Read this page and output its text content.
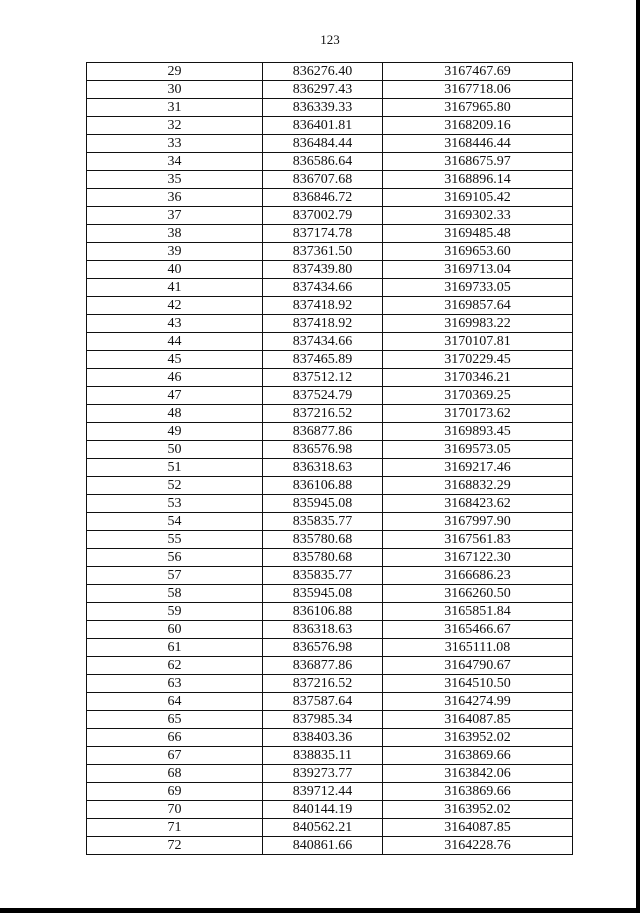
123
29	836276.40	3167467.69
30	836297.43	3167718.06
31	836339.33	3167965.80
32	836401.81	3168209.16
33	836484.44	3168446.44
34	836586.64	3168675.97
35	836707.68	3168896.14
36	836846.72	3169105.42
37	837002.79	3169302.33
38	837174.78	3169485.48
39	837361.50	3169653.60
40	837439.80	3169713.04
41	837434.66	3169733.05
42	837418.92	3169857.64
43	837418.92	3169983.22
44	837434.66	3170107.81
45	837465.89	3170229.45
46	837512.12	3170346.21
47	837524.79	3170369.25
48	837216.52	3170173.62
49	836877.86	3169893.45
50	836576.98	3169573.05
51	836318.63	3169217.46
52	836106.88	3168832.29
53	835945.08	3168423.62
54	835835.77	3167997.90
55	835780.68	3167561.83
56	835780.68	3167122.30
57	835835.77	3166686.23
58	835945.08	3166260.50
59	836106.88	3165851.84
60	836318.63	3165466.67
61	836576.98	3165111.08
62	836877.86	3164790.67
63	837216.52	3164510.50
64	837587.64	3164274.99
65	837985.34	3164087.85
66	838403.36	3163952.02
67	838835.11	3163869.66
68	839273.77	3163842.06
69	839712.44	3163869.66
70	840144.19	3163952.02
71	840562.21	3164087.85
72	840861.66	3164228.76
